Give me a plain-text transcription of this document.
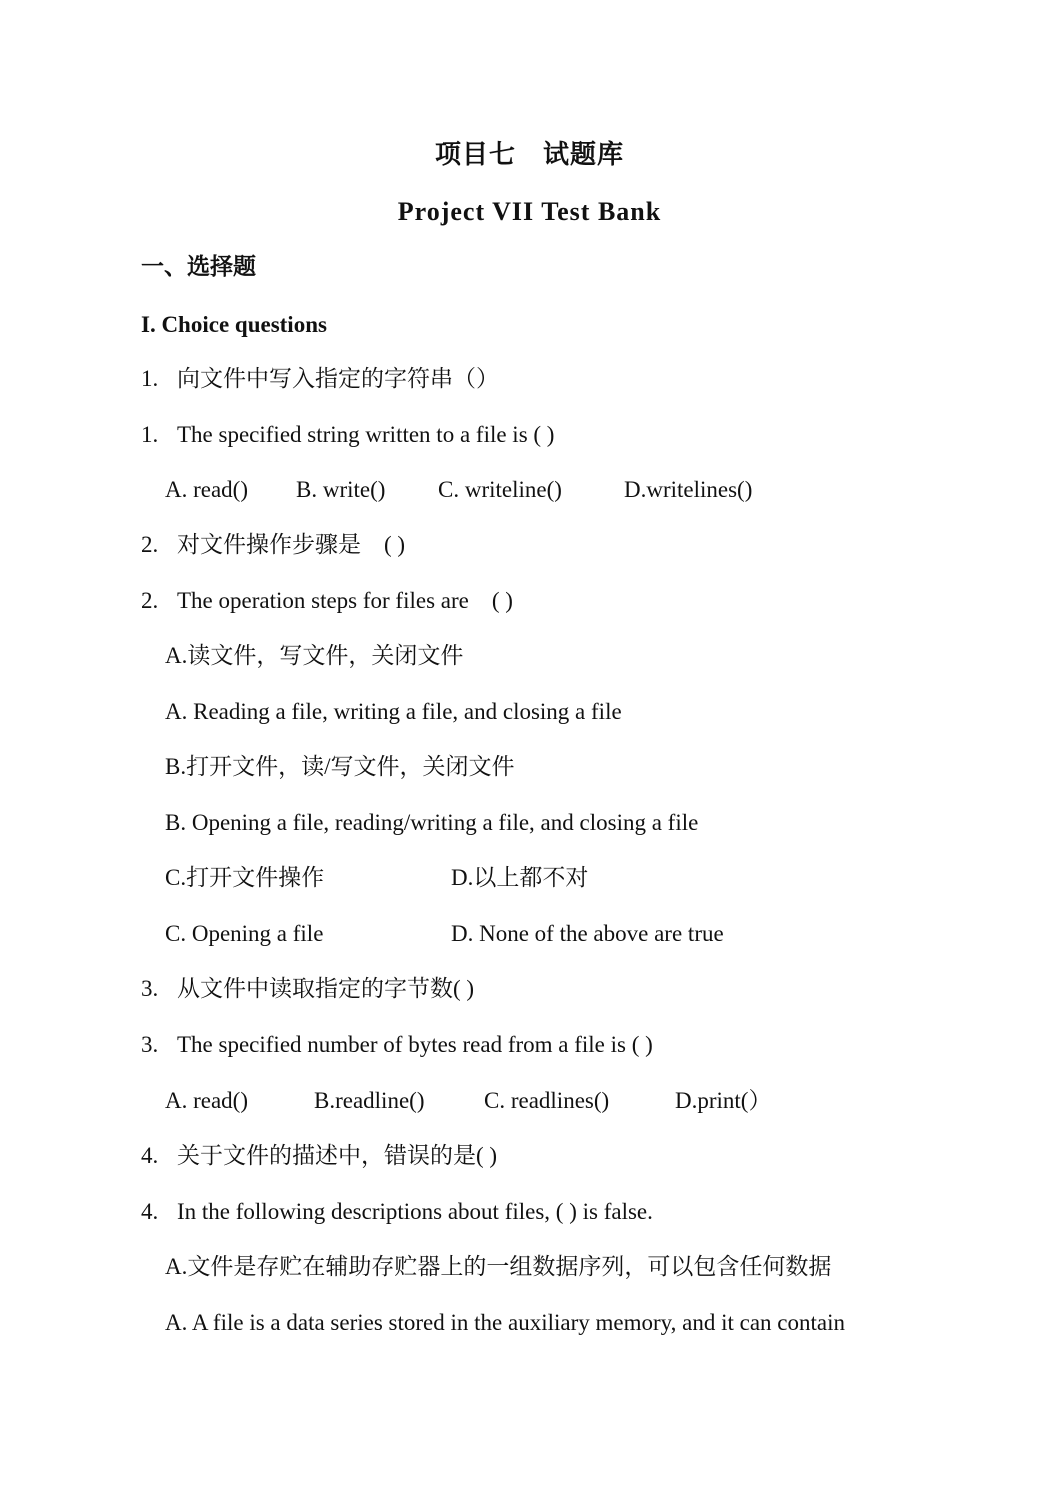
项目七　试题库
Project VII Test Bank
一、选择题
I. Choice questions
1. 向文件中写入指定的字符串（）
1. The specified string written to a file is ( )
A. read() B. write() C. writeline()	D.writelines()
2. 对文件操作步骤是　( )
2. The operation steps for files are　( )
A.读文件，写文件，关闭文件
A. Reading a file, writing a file, and closing a file
B.打开文件，读/写文件，关闭文件
B. Opening a file, reading/writing a file, and closing a file
C.打开文件操作	D.以上都不对
C. Opening a file	D. None of the above are true
3. 从文件中读取指定的字节数( )
3. The specified number of bytes read from a file is ( )
A. read()	B.readline()	C. readlines()	D.print(）
4. 关于文件的描述中，错误的是( )
4. In the following descriptions about files, ( ) is false.
A.文件是存贮在辅助存贮器上的一组数据序列，可以包含任何数据
A. A file is a data series stored in the auxiliary memory, and it can contain
